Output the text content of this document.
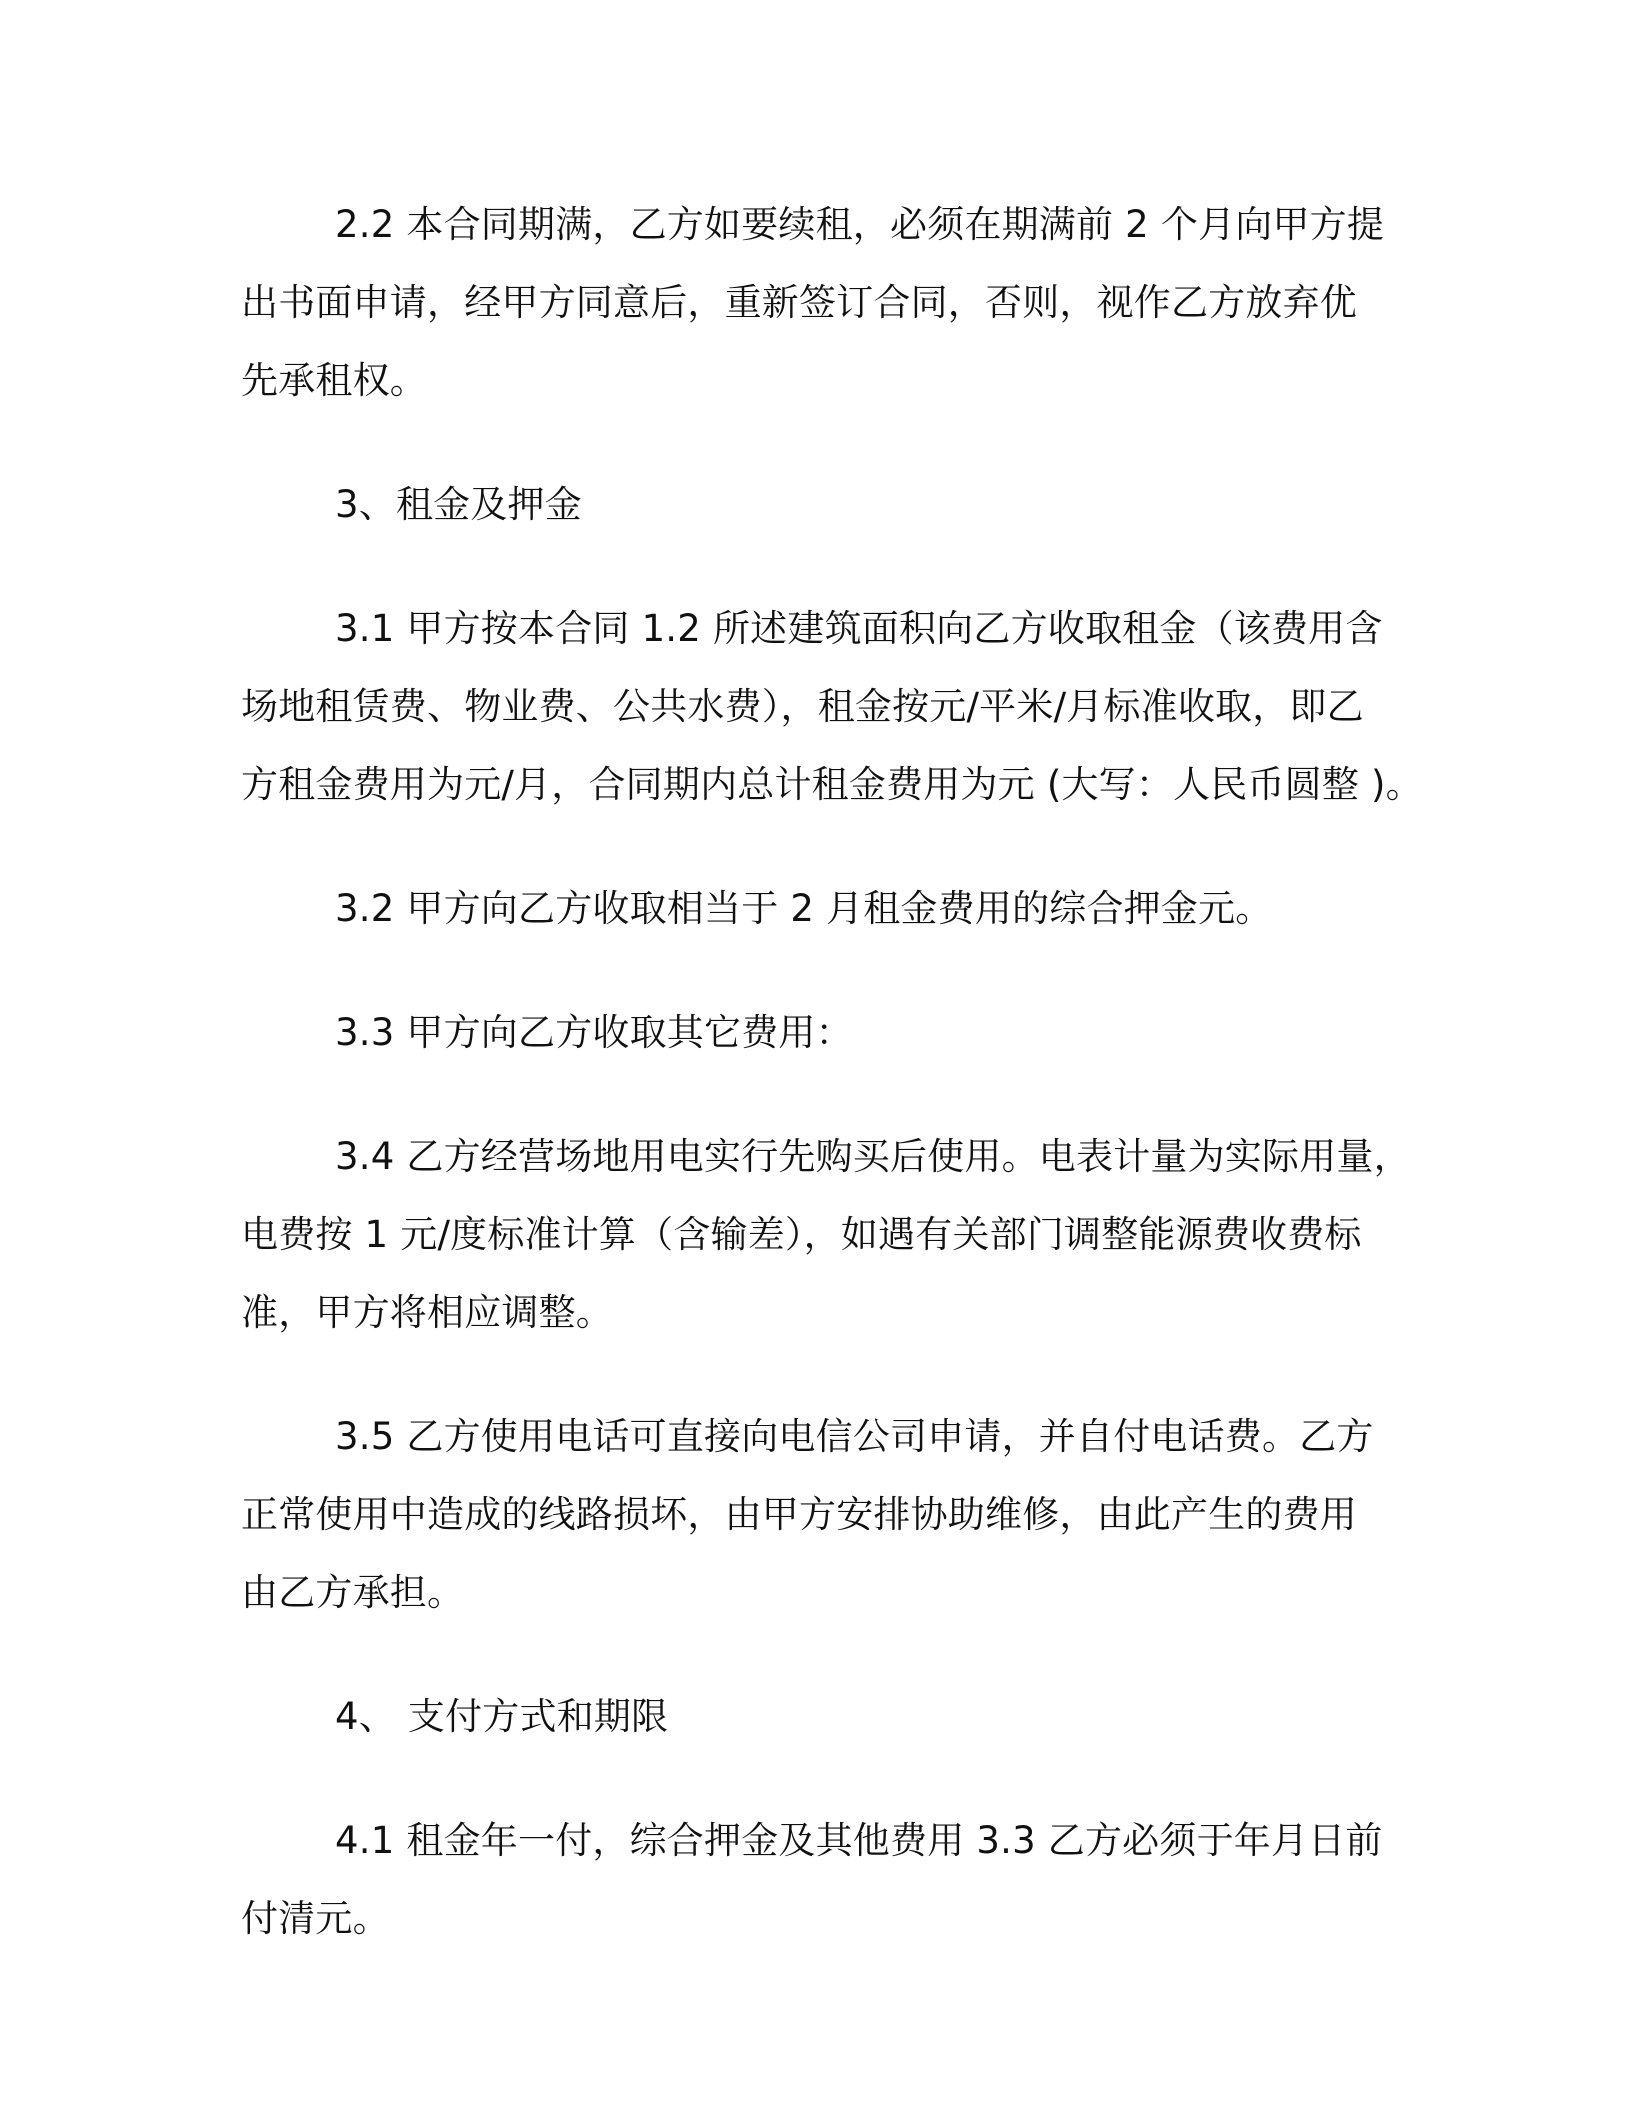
2.2 本合同期满，乙方如要续租，必须在期满前 2 个月向甲方提
出书面申请，经甲方同意后，重新签订合同，否则，视作乙方放弃优
先承租权。

3、租金及押金

3.1 甲方按本合同 1.2 所述建筑面积向乙方收取租金（该费用含
场地租赁费、物业费、公共水费），租金按元/平米/月标准收取，即乙
方租金费用为元/月，合同期内总计租金费用为元 (大写：人民币圆整 )。

3.2 甲方向乙方收取相当于 2 月租金费用的综合押金元。

3.3 甲方向乙方收取其它费用：

3.4 乙方经营场地用电实行先购买后使用。电表计量为实际用量，
电费按 1 元/度标准计算（含输差），如遇有关部门调整能源费收费标
准，甲方将相应调整。

3.5 乙方使用电话可直接向电信公司申请，并自付电话费。乙方
正常使用中造成的线路损坏，由甲方安排协助维修，由此产生的费用
由乙方承担。

4、 支付方式和期限

4.1 租金年一付，综合押金及其他费用 3.3 乙方必须于年月日前
付清元。
